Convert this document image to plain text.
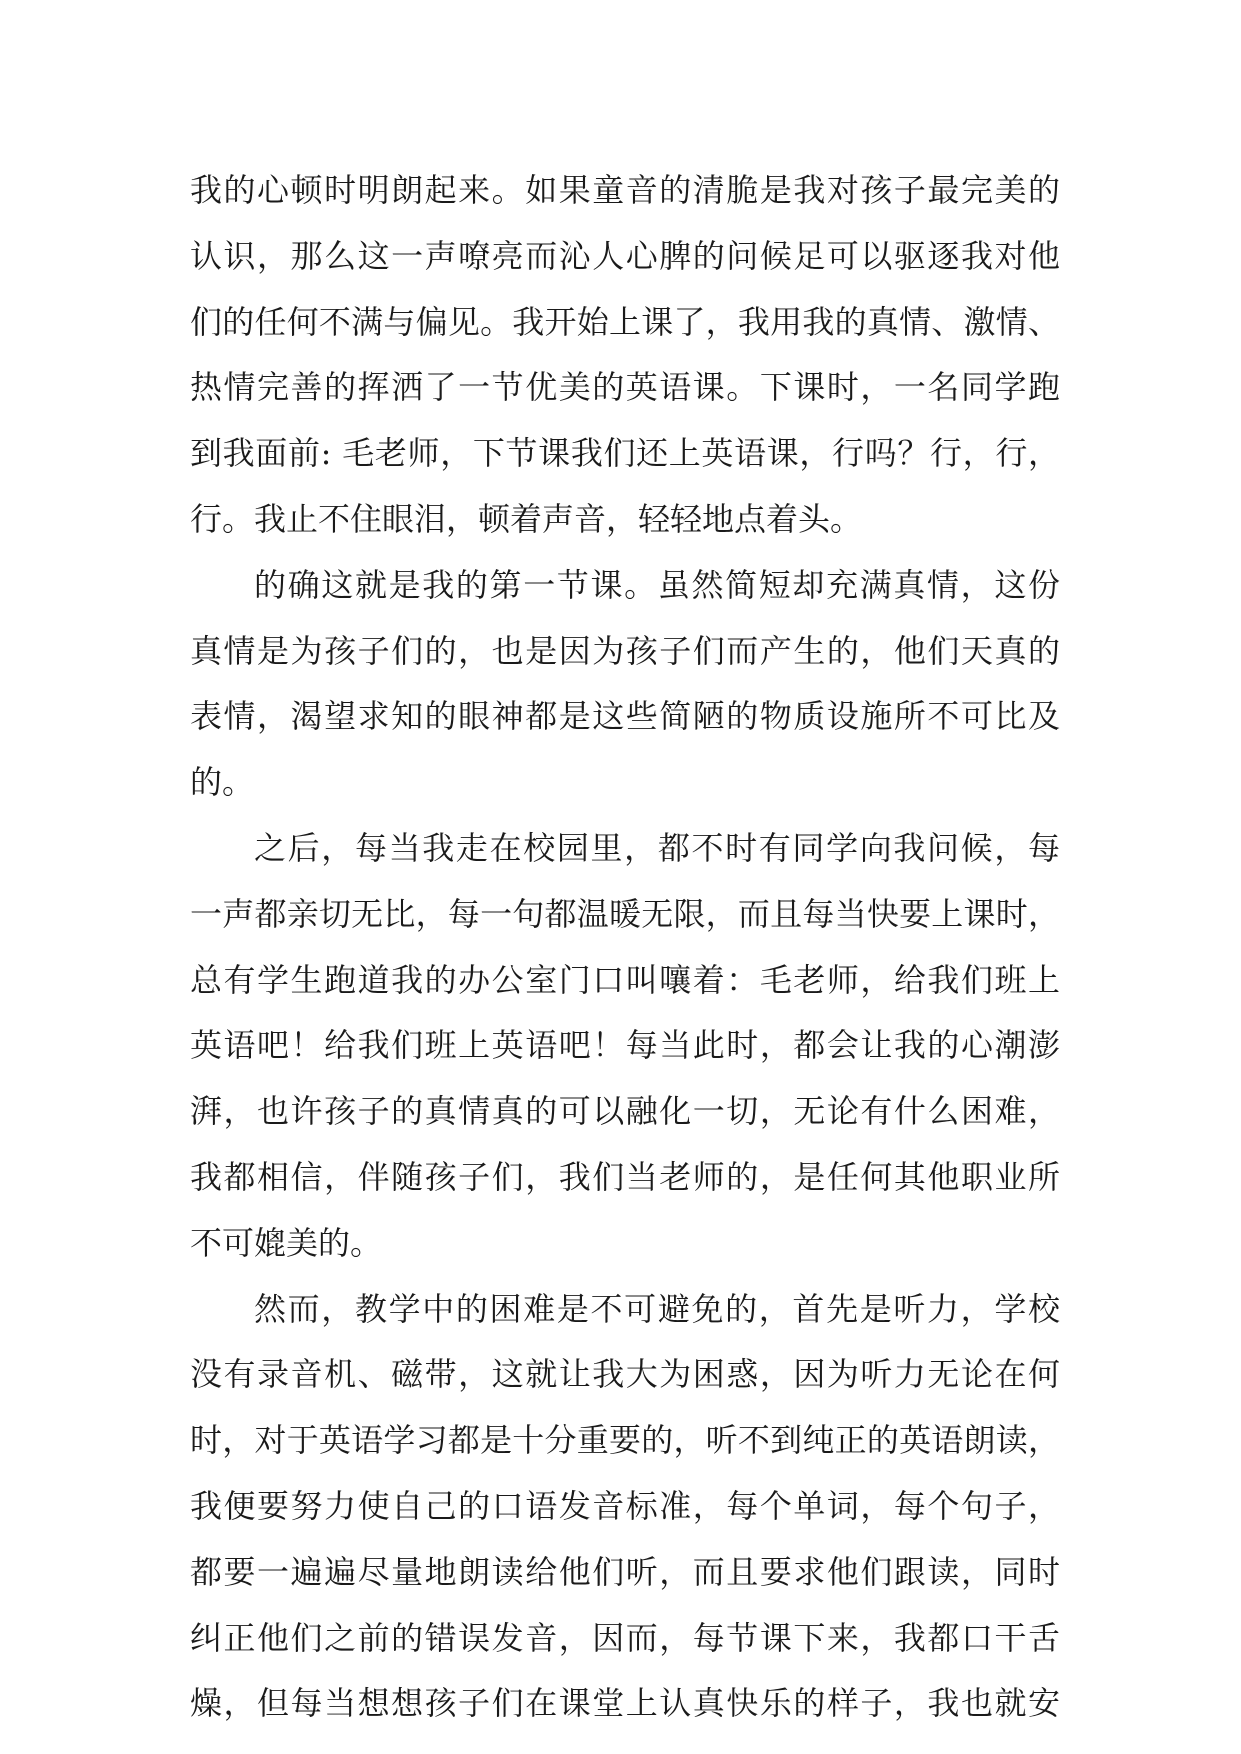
我的心顿时明朗起来。如果童音的清脆是我对孩子最完美的
认识，那么这一声嘹亮而沁人心脾的问候足可以驱逐我对他
们的任何不满与偏见。我开始上课了，我用我的真情、激情、
热情完善的挥洒了一节优美的英语课。下课时，一名同学跑
到我面前: 毛老师，下节课我们还上英语课，行吗？行，行，
行。我止不住眼泪，顿着声音，轻轻地点着头。
的确这就是我的第一节课。虽然简短却充满真情，这份
真情是为孩子们的，也是因为孩子们而产生的，他们天真的
表情，渴望求知的眼神都是这些简陋的物质设施所不可比及
的。
之后，每当我走在校园里，都不时有同学向我问候，每
一声都亲切无比，每一句都温暖无限，而且每当快要上课时，
总有学生跑道我的办公室门口叫嚷着：毛老师，给我们班上
英语吧！给我们班上英语吧！每当此时，都会让我的心潮澎
湃，也许孩子的真情真的可以融化一切，无论有什么困难，
我都相信，伴随孩子们，我们当老师的，是任何其他职业所
不可媲美的。
然而，教学中的困难是不可避免的，首先是听力，学校
没有录音机、磁带，这就让我大为困惑，因为听力无论在何
时，对于英语学习都是十分重要的，听不到纯正的英语朗读，
我便要努力使自己的口语发音标准，每个单词，每个句子，
都要一遍遍尽量地朗读给他们听，而且要求他们跟读，同时
纠正他们之前的错误发音，因而，每节课下来，我都口干舌
燥，但每当想想孩子们在课堂上认真快乐的样子，我也就安
